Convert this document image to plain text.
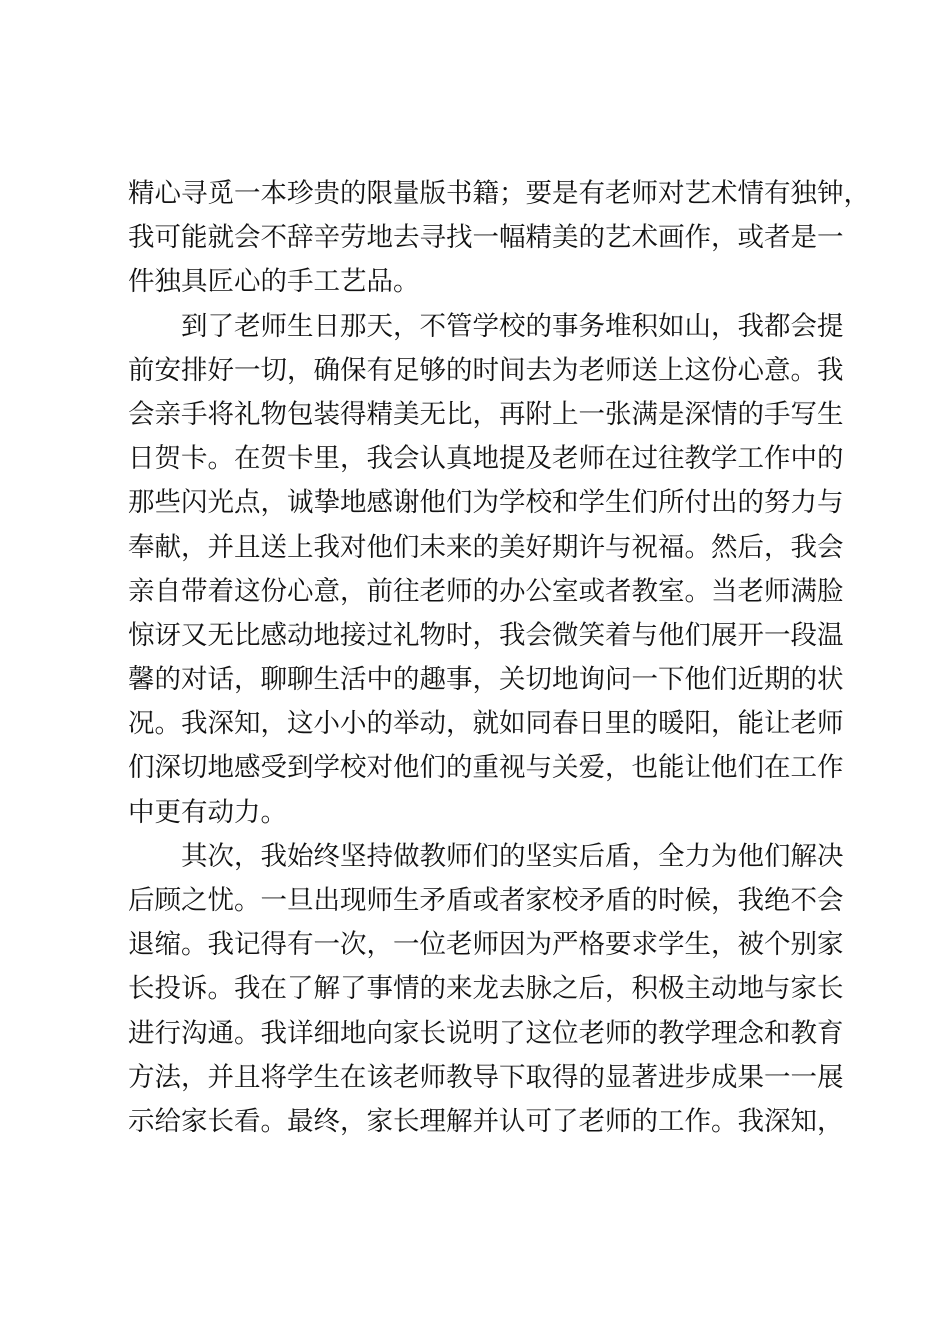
精心寻觅一本珍贵的限量版书籍；要是有老师对艺术情有独钟，
我可能就会不辞辛劳地去寻找一幅精美的艺术画作，或者是一
件独具匠心的手工艺品。
到了老师生日那天，不管学校的事务堆积如山，我都会提
前安排好一切，确保有足够的时间去为老师送上这份心意。我
会亲手将礼物包装得精美无比，再附上一张满是深情的手写生
日贺卡。在贺卡里，我会认真地提及老师在过往教学工作中的
那些闪光点，诚挚地感谢他们为学校和学生们所付出的努力与
奉献，并且送上我对他们未来的美好期许与祝福。然后，我会
亲自带着这份心意，前往老师的办公室或者教室。当老师满脸
惊讶又无比感动地接过礼物时，我会微笑着与他们展开一段温
馨的对话，聊聊生活中的趣事，关切地询问一下他们近期的状
况。我深知，这小小的举动，就如同春日里的暖阳，能让老师
们深切地感受到学校对他们的重视与关爱，也能让他们在工作
中更有动力。
其次，我始终坚持做教师们的坚实后盾，全力为他们解决
后顾之忧。一旦出现师生矛盾或者家校矛盾的时候，我绝不会
退缩。我记得有一次，一位老师因为严格要求学生，被个别家
长投诉。我在了解了事情的来龙去脉之后，积极主动地与家长
进行沟通。我详细地向家长说明了这位老师的教学理念和教育
方法，并且将学生在该老师教导下取得的显著进步成果一一展
示给家长看。最终，家长理解并认可了老师的工作。我深知，
